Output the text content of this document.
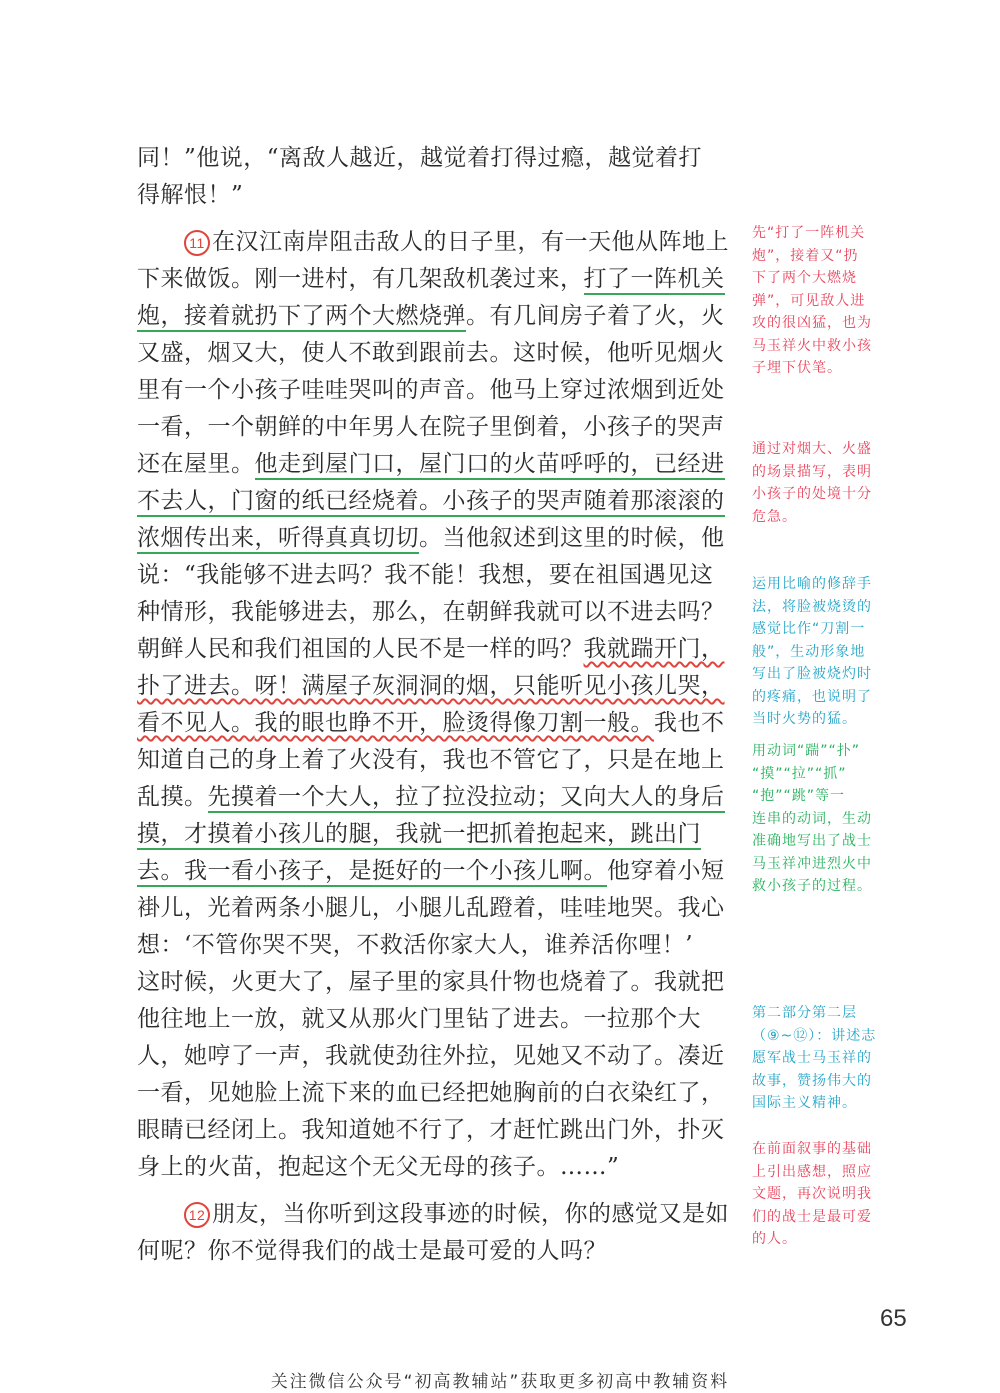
同！”他说，“离敌人越近，越觉着打得过瘾，越觉着打
得解恨！”
　　11 在汉江南岸阻击敌人的日子里，有一天他从阵地上
下来做饭。刚一进村，有几架敌机袭过来，打了一阵机关
炮，接着就扔下了两个大燃烧弹。有几间房子着了火，火
又盛，烟又大，使人不敢到跟前去。这时候，他听见烟火
里有一个小孩子哇哇哭叫的声音。他马上穿过浓烟到近处
一看，一个朝鲜的中年男人在院子里倒着，小孩子的哭声
还在屋里。他走到屋门口，屋门口的火苗呼呼的，已经进
不去人，门窗的纸已经烧着。小孩子的哭声随着那滚滚的
浓烟传出来，听得真真切切。当他叙述到这里的时候，他
说：“我能够不进去吗？我不能！我想，要在祖国遇见这
种情形，我能够进去，那么，在朝鲜我就可以不进去吗？
朝鲜人民和我们祖国的人民不是一样的吗？我就踹开门，
扑了进去。呀！满屋子灰洞洞的烟，只能听见小孩儿哭，
看不见人。我的眼也睁不开，脸烫得像刀割一般。我也不
知道自己的身上着了火没有，我也不管它了，只是在地上
乱摸。先摸着一个大人，拉了拉没拉动；又向大人的身后
摸，才摸着小孩儿的腿，我就一把抓着抱起来，跳出门
去。我一看小孩子，是挺好的一个小孩儿啊。他穿着小短
褂儿，光着两条小腿儿，小腿儿乱蹬着，哇哇地哭。我心
想：‘不管你哭不哭，不救活你家大人，谁养活你哩！’
这时候，火更大了，屋子里的家具什物也烧着了。我就把
他往地上一放，就又从那火门里钻了进去。一拉那个大
人，她哼了一声，我就使劲往外拉，见她又不动了。凑近
一看，见她脸上流下来的血已经把她胸前的白衣染红了，
眼睛已经闭上。我知道她不行了，才赶忙跳出门外，扑灭
身上的火苗，抱起这个无父无母的孩子。……”
　　12 朋友，当你听到这段事迹的时候，你的感觉又是如
何呢？你不觉得我们的战士是最可爱的人吗？
先“打了一阵机关
炮”，接着又“扔
下了两个大燃烧
弹”，可见敌人进
攻的很凶猛，也为
马玉祥火中救小孩
子埋下伏笔。
通过对烟大、火盛
的场景描写，表明
小孩子的处境十分
危急。
运用比喻的修辞手
法，将脸被烧烫的
感觉比作“刀割一
般”，生动形象地
写出了脸被烧灼时
的疼痛，也说明了
当时火势的猛。
用动词“踹”“扑”
“摸”“拉”“抓”
“抱”“跳”等一
连串的动词，生动
准确地写出了战士
马玉祥冲进烈火中
救小孩子的过程。
第二部分第二层
（⑨~⑫）：讲述志
愿军战士马玉祥的
故事，赞扬伟大的
国际主义精神。
在前面叙事的基础
上引出感想，照应
文题，再次说明我
们的战士是最可爱
的人。
65
关注微信公众号“初高教辅站”获取更多初高中教辅资料
